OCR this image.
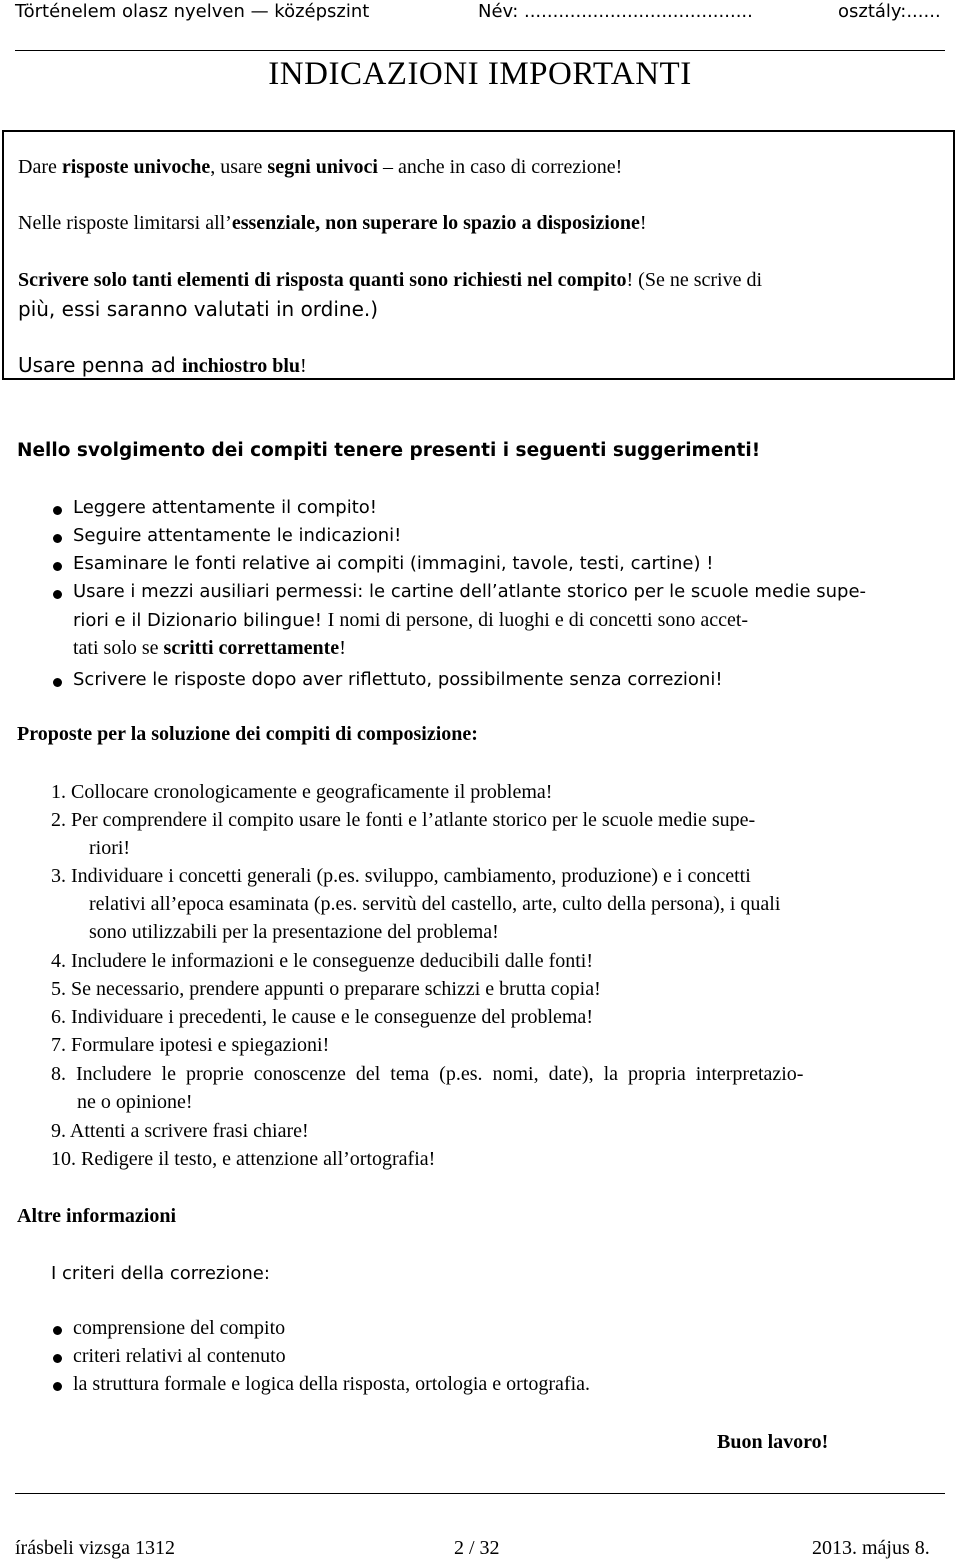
Történelem olasz nyelven — középszint	Név: ........................................	osztály:......
INDICAZIONI IMPORTANTI

Dare risposte univoche, usare segni univoci – anche in caso di correzione!

Nelle risposte limitarsi all’essenziale, non superare lo spazio a disposizione!

Scrivere solo tanti elementi di risposta quanti sono richiesti nel compito! (Se ne scrive di

più, essi saranno valutati in ordine.)

Usare penna ad inchiostro blu!

Nello svolgimento dei compiti tenere presenti i seguenti suggerimenti!
Leggere attentamente il compito!
Seguire attentamente le indicazioni!
Esaminare le fonti relative ai compiti (immagini, tavole, testi, cartine) !
Usare i mezzi ausiliari permessi: le cartine dell’atlante storico per le scuole medie supe-
riori e il Dizionario bilingue! I nomi di persone, di luoghi e di concetti sono accet-
tati solo se scritti correttamente!
Scrivere le risposte dopo aver riflettuto, possibilmente senza correzioni!
Proposte per la soluzione dei compiti di composizione:
1. Collocare cronologicamente e geograficamente il problema!
2. Per comprendere il compito usare le fonti e l’atlante storico per le scuole medie supe-
riori!
3. Individuare i concetti generali (p.es. sviluppo, cambiamento, produzione) e i concetti
relativi all’epoca esaminata (p.es. servitù del castello, arte, culto della persona), i quali
sono utilizzabili per la presentazione del problema!
4. Includere le informazioni e le conseguenze deducibili dalle fonti!
5. Se necessario, prendere appunti o preparare schizzi e brutta copia!
6. Individuare i precedenti, le cause e le conseguenze del problema!
7. Formulare ipotesi e spiegazioni!
8.  Includere  le  proprie  conoscenze  del  tema  (p.es.  nomi,  date),  la  propria  interpretazio-
ne o opinione!
9. Attenti a scrivere frasi chiare!
10. Redigere il testo, e attenzione all’ortografia!
Altre informazioni
I criteri della correzione:
comprensione del compito
criteri relativi al contenuto
la struttura formale e logica della risposta, ortologia e ortografia.
Buon lavoro!
írásbeli vizsga 1312	2 / 32	2013. május 8.
